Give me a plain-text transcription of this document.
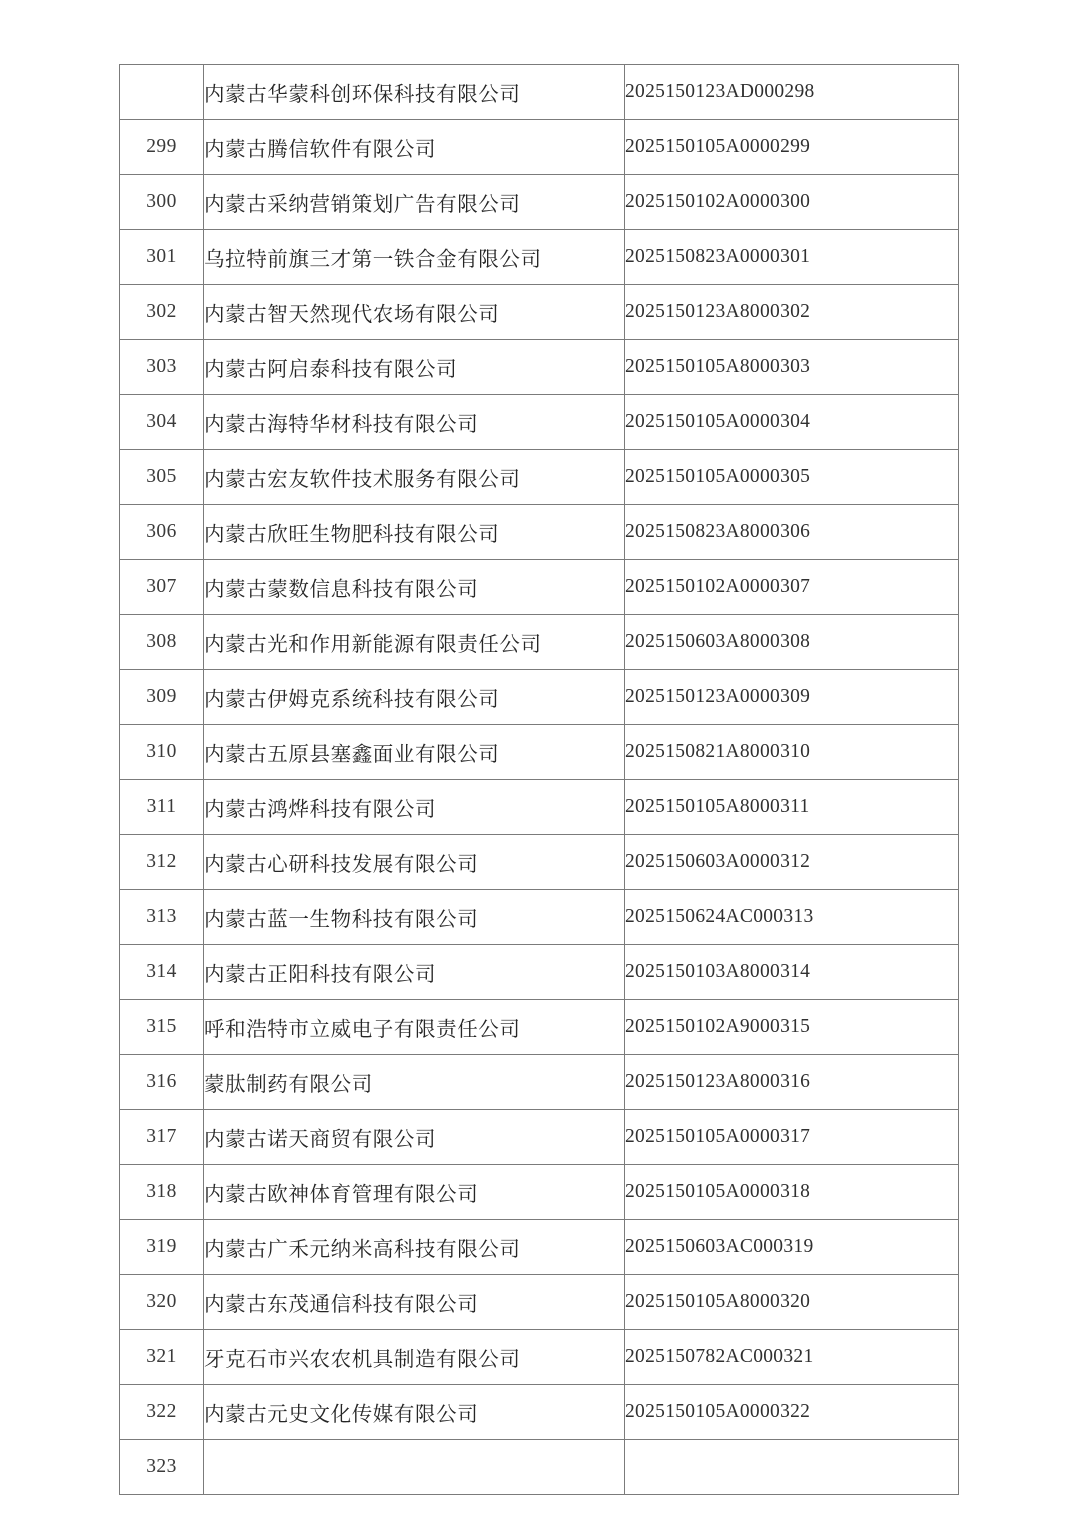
	内蒙古华蒙科创环保科技有限公司	2025150123AD000298
299	内蒙古腾信软件有限公司	2025150105A0000299
300	内蒙古采纳营销策划广告有限公司	2025150102A0000300
301	乌拉特前旗三才第一铁合金有限公司	2025150823A0000301
302	内蒙古智天然现代农场有限公司	2025150123A8000302
303	内蒙古阿启泰科技有限公司	2025150105A8000303
304	内蒙古海特华材科技有限公司	2025150105A0000304
305	内蒙古宏友软件技术服务有限公司	2025150105A0000305
306	内蒙古欣旺生物肥科技有限公司	2025150823A8000306
307	内蒙古蒙数信息科技有限公司	2025150102A0000307
308	内蒙古光和作用新能源有限责任公司	2025150603A8000308
309	内蒙古伊姆克系统科技有限公司	2025150123A0000309
310	内蒙古五原县塞鑫面业有限公司	2025150821A8000310
311	内蒙古鸿烨科技有限公司	2025150105A8000311
312	内蒙古心研科技发展有限公司	2025150603A0000312
313	内蒙古蓝一生物科技有限公司	2025150624AC000313
314	内蒙古正阳科技有限公司	2025150103A8000314
315	呼和浩特市立威电子有限责任公司	2025150102A9000315
316	蒙肽制药有限公司	2025150123A8000316
317	内蒙古诺天商贸有限公司	2025150105A0000317
318	内蒙古欧神体育管理有限公司	2025150105A0000318
319	内蒙古广禾元纳米高科技有限公司	2025150603AC000319
320	内蒙古东茂通信科技有限公司	2025150105A8000320
321	牙克石市兴农农机具制造有限公司	2025150782AC000321
322	内蒙古元史文化传媒有限公司	2025150105A0000322
323		
